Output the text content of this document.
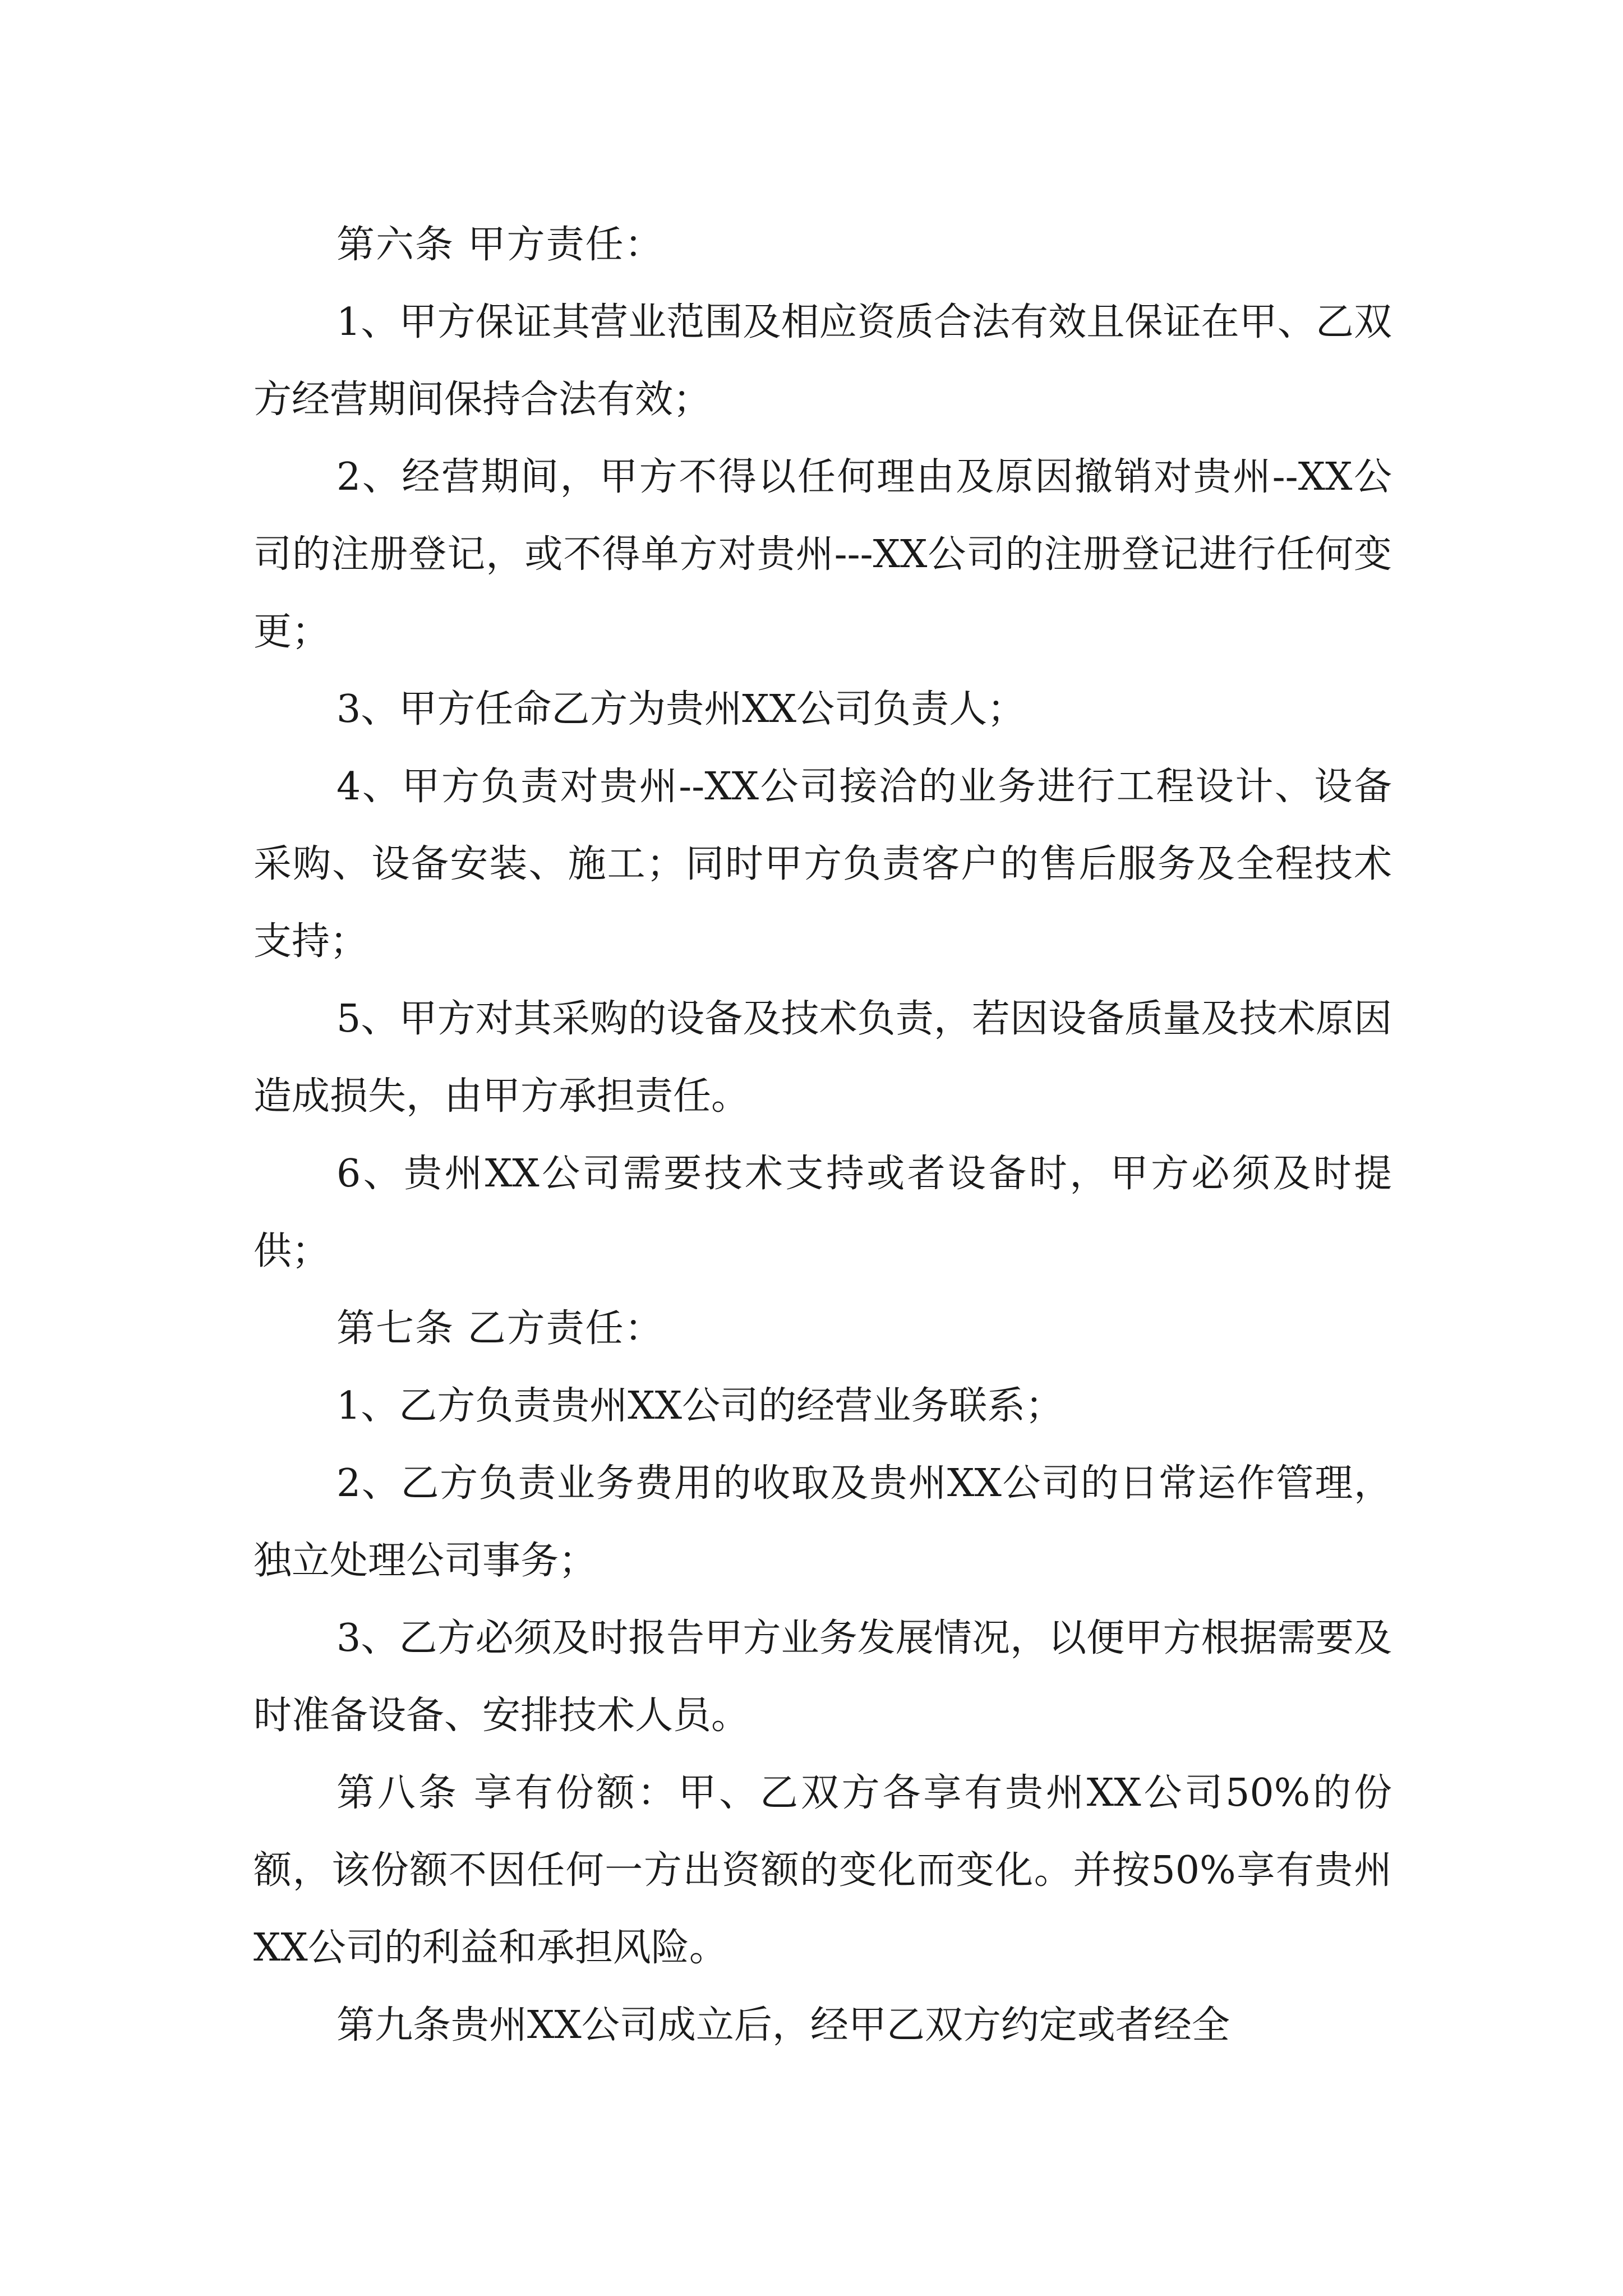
第六条 甲方责任：

1、甲方保证其营业范围及相应资质合法有效且保证在甲、乙双方经营期间保持合法有效；

2、经营期间，甲方不得以任何理由及原因撤销对贵州--XX公司的注册登记，或不得单方对贵州---XX公司的注册登记进行任何变更；

3、甲方任命乙方为贵州XX公司负责人；

4、甲方负责对贵州--XX公司接洽的业务进行工程设计、设备采购、设备安装、施工；同时甲方负责客户的售后服务及全程技术支持；

5、甲方对其采购的设备及技术负责，若因设备质量及技术原因造成损失，由甲方承担责任。

6、贵州XX公司需要技术支持或者设备时，甲方必须及时提供；

第七条 乙方责任：

1、乙方负责贵州XX公司的经营业务联系；

2、乙方负责业务费用的收取及贵州XX公司的日常运作管理，独立处理公司事务；

3、乙方必须及时报告甲方业务发展情况，以便甲方根据需要及时准备设备、安排技术人员。

第八条 享有份额：甲、乙双方各享有贵州XX公司50%的份额，该份额不因任何一方出资额的变化而变化。并按50%享有贵州XX公司的利益和承担风险。

第九条贵州XX公司成立后，经甲乙双方约定或者经全
